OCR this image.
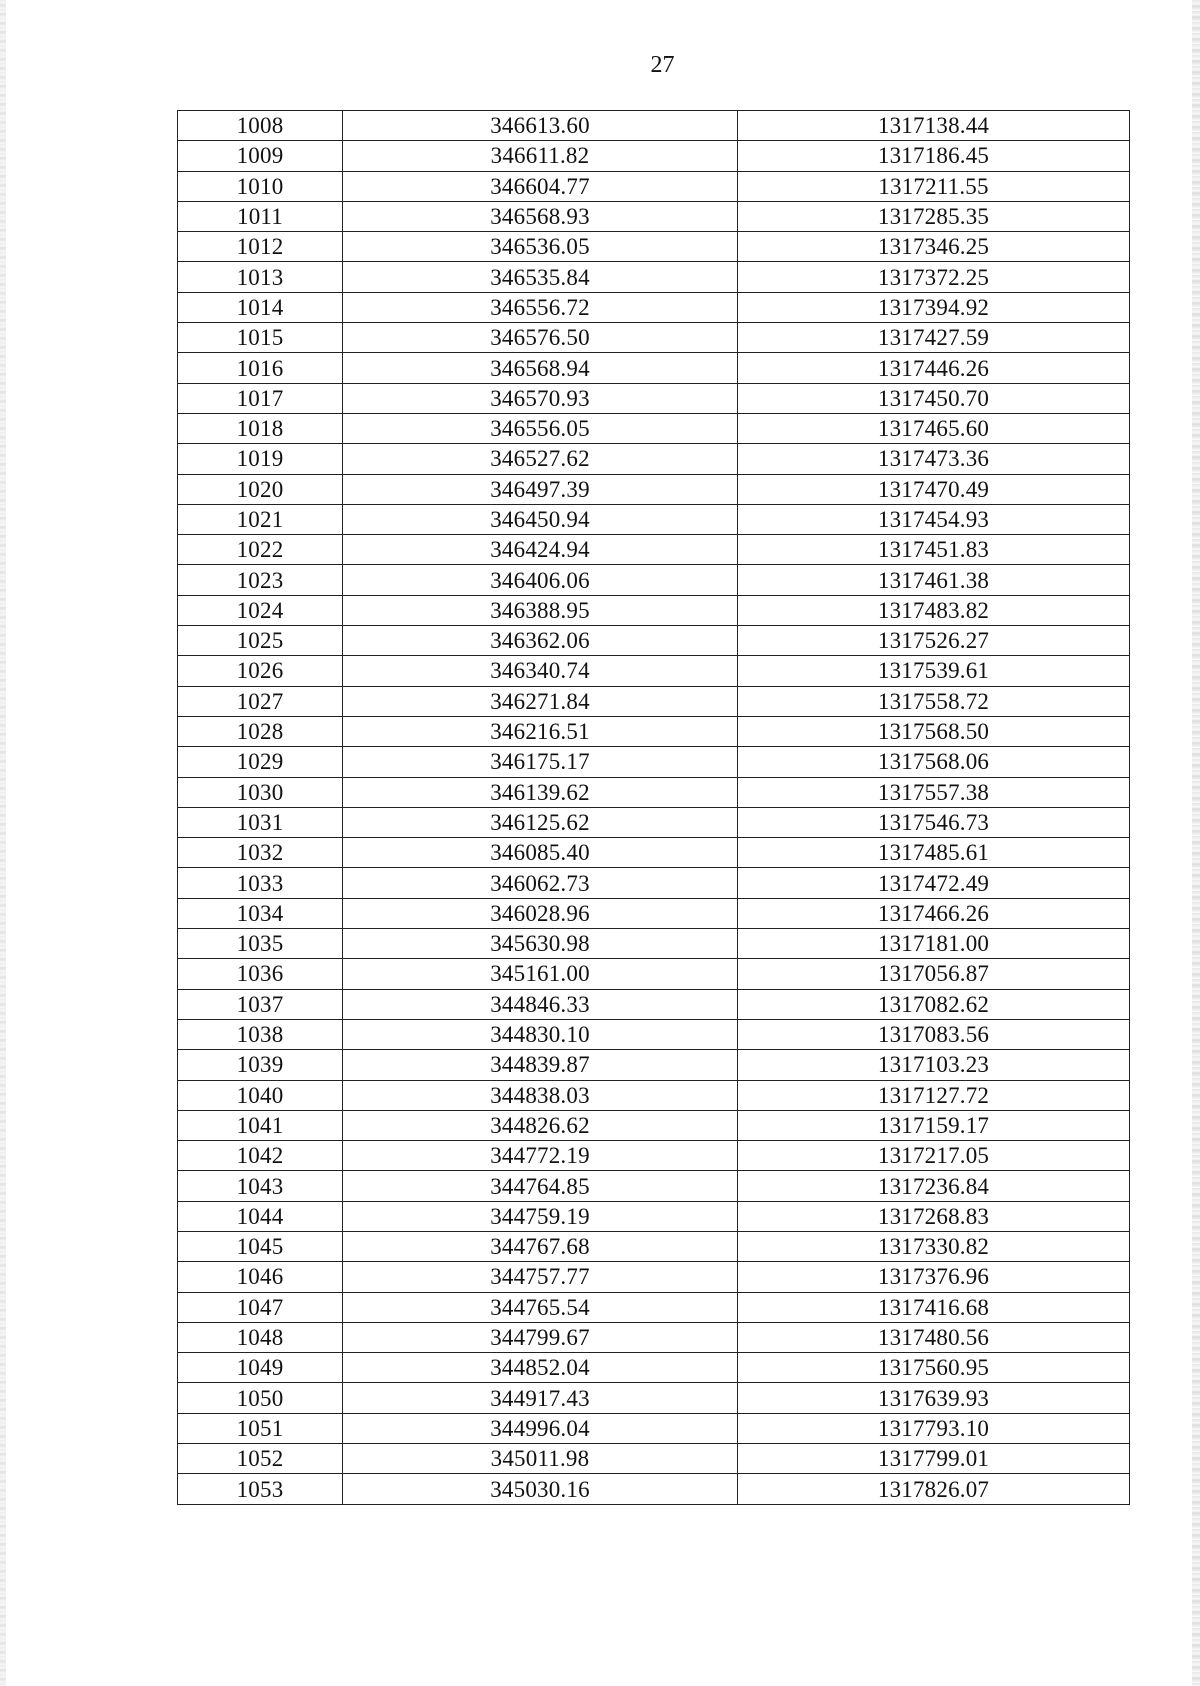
27
1008	346613.60	1317138.44
1009	346611.82	1317186.45
1010	346604.77	1317211.55
1011	346568.93	1317285.35
1012	346536.05	1317346.25
1013	346535.84	1317372.25
1014	346556.72	1317394.92
1015	346576.50	1317427.59
1016	346568.94	1317446.26
1017	346570.93	1317450.70
1018	346556.05	1317465.60
1019	346527.62	1317473.36
1020	346497.39	1317470.49
1021	346450.94	1317454.93
1022	346424.94	1317451.83
1023	346406.06	1317461.38
1024	346388.95	1317483.82
1025	346362.06	1317526.27
1026	346340.74	1317539.61
1027	346271.84	1317558.72
1028	346216.51	1317568.50
1029	346175.17	1317568.06
1030	346139.62	1317557.38
1031	346125.62	1317546.73
1032	346085.40	1317485.61
1033	346062.73	1317472.49
1034	346028.96	1317466.26
1035	345630.98	1317181.00
1036	345161.00	1317056.87
1037	344846.33	1317082.62
1038	344830.10	1317083.56
1039	344839.87	1317103.23
1040	344838.03	1317127.72
1041	344826.62	1317159.17
1042	344772.19	1317217.05
1043	344764.85	1317236.84
1044	344759.19	1317268.83
1045	344767.68	1317330.82
1046	344757.77	1317376.96
1047	344765.54	1317416.68
1048	344799.67	1317480.56
1049	344852.04	1317560.95
1050	344917.43	1317639.93
1051	344996.04	1317793.10
1052	345011.98	1317799.01
1053	345030.16	1317826.07
